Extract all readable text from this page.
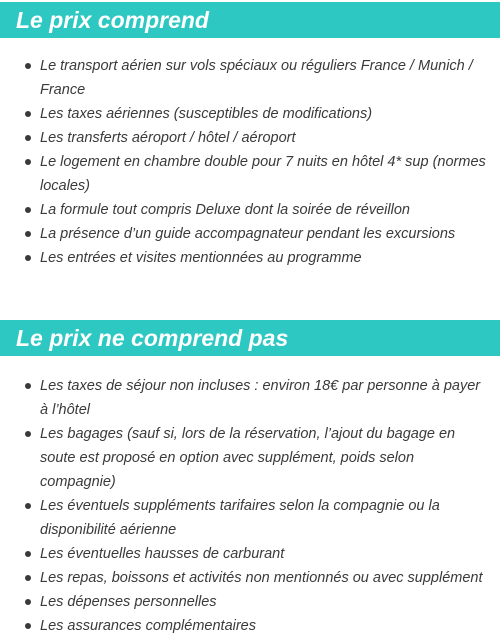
Le prix comprend
Le transport aérien sur vols spéciaux ou réguliers France / Munich / France
Les taxes aériennes (susceptibles de modifications)
Les transferts aéroport / hôtel / aéroport
Le logement en chambre double pour 7 nuits en hôtel 4* sup (normes locales)
La formule tout compris Deluxe dont la soirée de réveillon
La présence d’un guide accompagnateur pendant les excursions
Les entrées et visites mentionnées au programme
Le prix ne comprend pas
Les taxes de séjour non incluses : environ 18€ par personne à payer à l’hôtel
Les bagages (sauf si, lors de la réservation, l’ajout du bagage en soute est proposé en option avec supplément, poids selon compagnie)
Les éventuels suppléments tarifaires selon la compagnie ou la disponibilité aérienne
Les éventuelles hausses de carburant
Les repas, boissons et activités non mentionnés ou avec supplément
Les dépenses personnelles
Les assurances complémentaires
